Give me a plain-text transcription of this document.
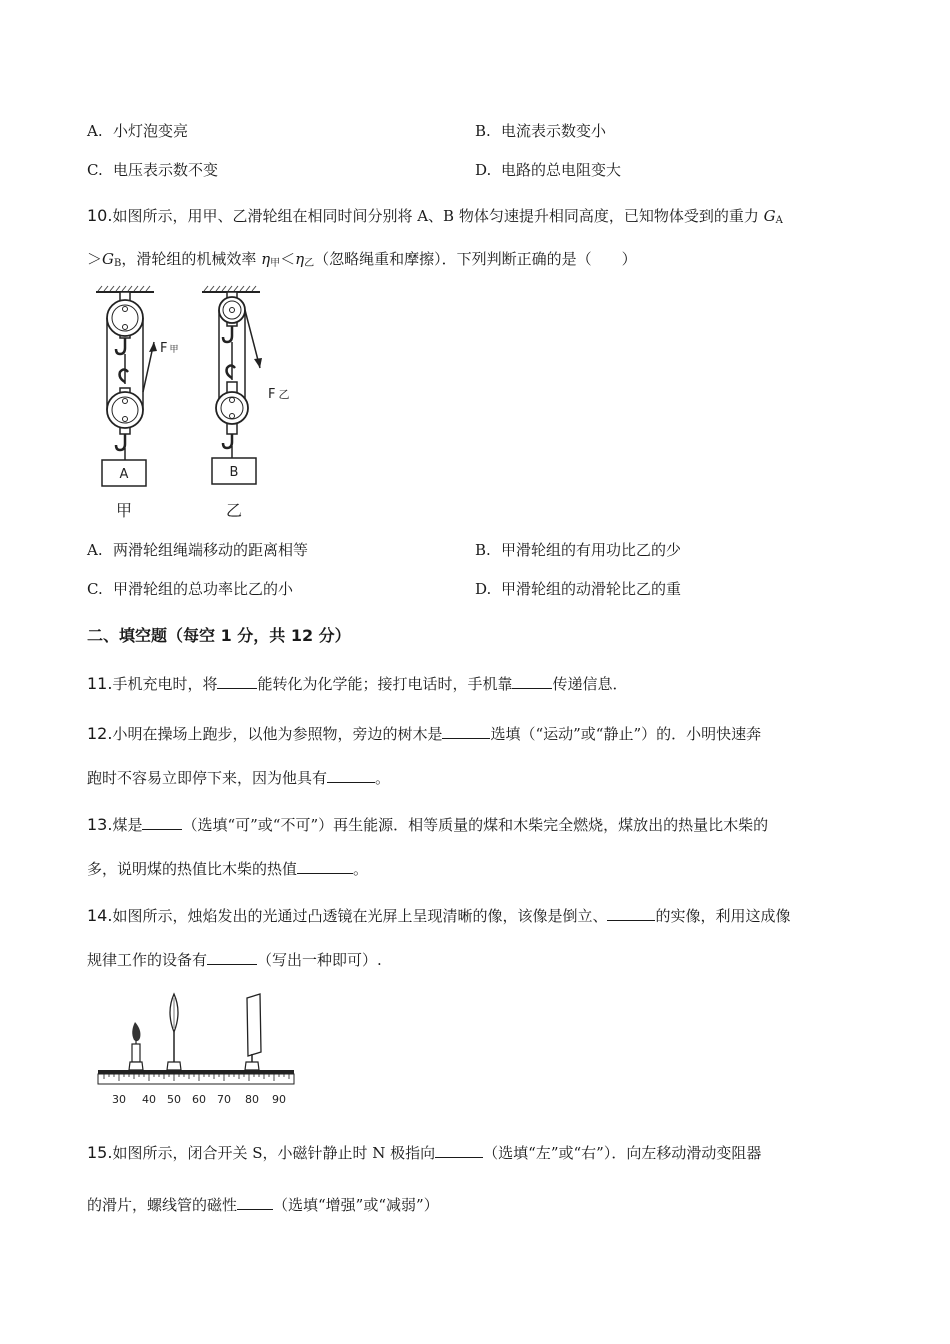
A. 小灯泡变亮	B. 电流表示数变小
C. 电压表示数不变	D. 电路的总电阻变大
10.如图所示，用甲、乙滑轮组在相同时间分别将 A、B 物体匀速提升相同高度，已知物体受到的重力 $G_A$
$>G_B$，滑轮组的机械效率 $\eta_甲<\eta_乙$（忽略绳重和摩擦）．下列判断正确的是（　　）
F 甲
A
甲
F 乙
B
乙
A. 两滑轮组绳端移动的距离相等	B. 甲滑轮组的有用功比乙的少
C. 甲滑轮组的总功率比乙的小	D. 甲滑轮组的动滑轮比乙的重
二、填空题（每空 1 分，共 12 分）
11.手机充电时，将	能转化为化学能；接打电话时，手机靠	传递信息．
12.小明在操场上跑步，以他为参照物，旁边的树木是	选填（“运动”或“静止”）的．小明快速奔
跑时不容易立即停下来，因为他具有	。
13.煤是	（选填“可”或“不可”）再生能源．相等质量的煤和木柴完全燃烧，煤放出的热量比木柴的
多，说明煤的热值比木柴的热值	。
14.如图所示，烛焰发出的光通过凸透镜在光屏上呈现清晰的像，该像是倒立、	的实像，利用这成像
规律工作的设备有	（写出一种即可）.
30 40 50 60 70 80 90
15.如图所示，闭合开关 S，小磁针静止时 N 极指向	（选填“左”或“右”）．向左移动滑动变阻器
的滑片，螺线管的磁性 （选填“增强”或“减弱”）
